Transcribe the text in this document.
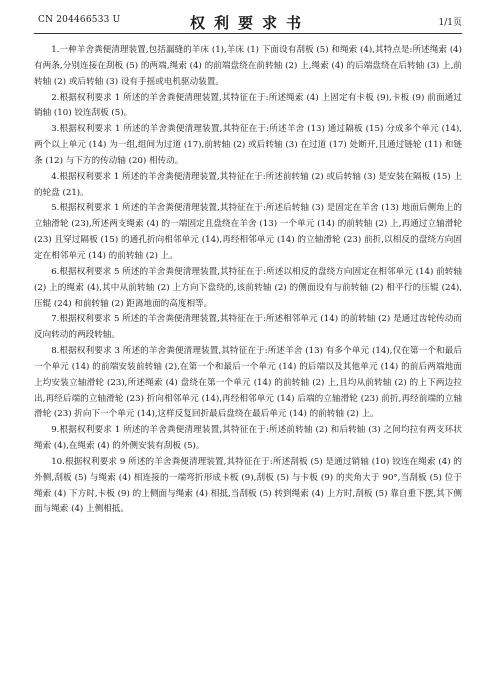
CN 204466533 U	权利要求书	1/1页

1.一种羊舍粪便清理装置,包括漏缝的羊床 (1),羊床 (1) 下面设有刮板 (5) 和绳索 (4),其特点是:所述绳索 (4) 有两条,分别连接在刮板 (5) 的两端,绳索 (4) 的前端盘绕在前转轴 (2) 上,绳索 (4) 的后端盘绕在后转轴 (3) 上,前转轴 (2) 或后转轴 (3) 设有手摇或电机驱动装置。

2.根据权利要求 1 所述的羊舍粪便清理装置,其特征在于:所述绳索 (4) 上固定有卡板 (9),卡板 (9) 前面通过销轴 (10) 铰连刮板 (5)。

3.根据权利要求 1 所述的羊舍粪便清理装置,其特征在于:所述羊舍 (13) 通过隔板 (15) 分成多个单元 (14),两个以上单元 (14) 为一组,组间为过道 (17),前转轴 (2) 或后转轴 (3) 在过道 (17) 处断开,且通过链轮 (11) 和链条 (12) 与下方的传动轴 (20) 相传动。

4.根据权利要求 1 所述的羊舍粪便清理装置,其特征在于:所述前转轴 (2) 或后转轴 (3) 是安装在隔板 (15) 上的轮盘 (21)。

5.根据权利要求 1 所述的羊舍粪便清理装置,其特征在于:所述后转轴 (3) 是固定在羊舍 (13) 地面后侧角上的立轴滑轮 (23),所述两支绳索 (4) 的一端固定且盘绕在羊舍 (13) 一个单元 (14) 的前转轴 (2) 上,再通过立轴滑轮 (23) 且穿过隔板 (15) 的通孔折向相邻单元 (14),再经相邻单元 (14) 的立轴滑轮 (23) 前折,以相反的盘绕方向固定在相邻单元 (14) 的前转轴 (2) 上。

6.根据权利要求 5 所述的羊舍粪便清理装置,其特征在于:所述以相反的盘绕方向固定在相邻单元 (14) 前转轴 (2) 上的绳索 (4),其中从前转轴 (2) 上方向下盘绕的,该前转轴 (2) 的侧面设有与前转轴 (2) 相平行的压辊 (24),压辊 (24) 和前转轴 (2) 距离地面的高度相等。

7.根据权利要求 5 所述的羊舍粪便清理装置,其特征在于:所述相邻单元 (14) 的前转轴 (2) 是通过齿轮传动而反向转动的两段转轴。

8.根据权利要求 3 所述的羊舍粪便清理装置,其特征在于:所述羊舍 (13) 有多个单元 (14),仅在第一个和最后一个单元 (14) 的前端安装前转轴 (2),在第一个和最后一个单元 (14) 的后端以及其他单元 (14) 的前后两端地面上均安装立轴滑轮 (23),所述绳索 (4) 盘绕在第一个单元 (14) 的前转轴 (2) 上,且均从前转轴 (2) 的上下两边拉出,再经后端的立轴滑轮 (23) 折向相邻单元 (14),再经相邻单元 (14) 后端的立轴滑轮 (23) 前折,再经前端的立轴滑轮 (23) 折向下一个单元 (14),这样反复回折最后盘绕在最后单元 (14) 的前转轴 (2) 上。

9.根据权利要求 1 所述的羊舍粪便清理装置,其特征在于:所述前转轴 (2) 和后转轴 (3) 之间均拉有两支环状绳索 (4),在绳索 (4) 的外侧安装有刮板 (5)。

10.根据权利要求 9 所述的羊舍粪便清理装置,其特征在于:所述刮板 (5) 是通过销轴 (10) 铰连在绳索 (4) 的外侧,刮板 (5) 与绳索 (4) 相连接的一端弯折形成卡板 (9),刮板 (5) 与卡板 (9) 的夹角大于 90°,当刮板 (5) 位于绳索 (4) 下方时,卡板 (9) 的上侧面与绳索 (4) 相抵,当刮板 (5) 转到绳索 (4) 上方时,刮板 (5) 靠自重下摆,其下侧面与绳索 (4) 上侧相抵。
